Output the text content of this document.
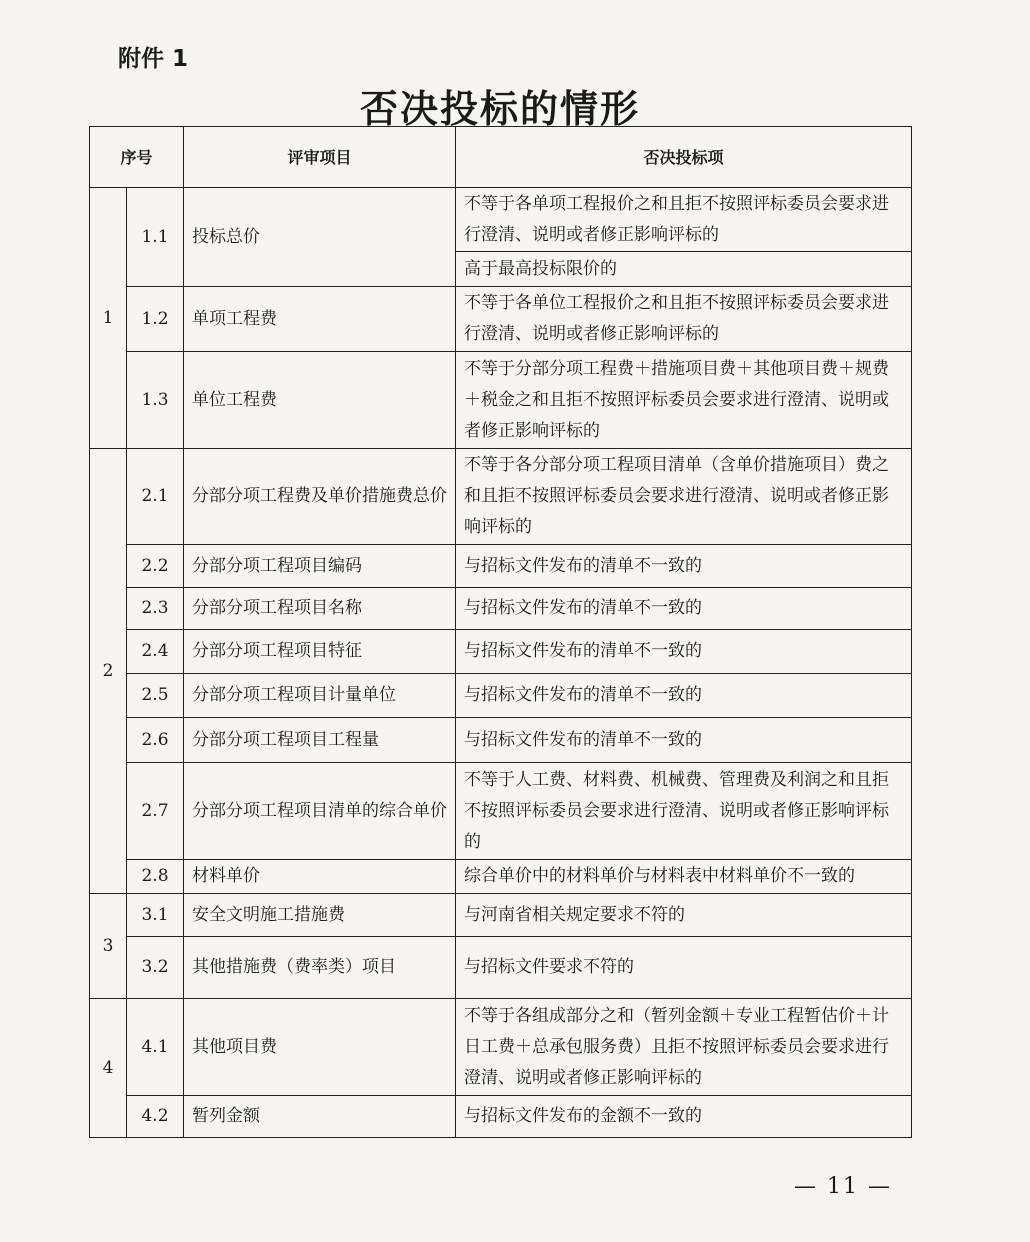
附件 1
否决投标的情形
序号		评审项目	否决投标项
1	1.1	投标总价	不等于各单项工程报价之和且拒不按照评标委员会要求进行澄清、说明或者修正影响评标的
			高于最高投标限价的
	1.2	单项工程费	不等于各单位工程报价之和且拒不按照评标委员会要求进行澄清、说明或者修正影响评标的
	1.3	单位工程费	不等于分部分项工程费＋措施项目费＋其他项目费＋规费＋税金之和且拒不按照评标委员会要求进行澄清、说明或者修正影响评标的
2	2.1	分部分项工程费及单价措施费总价	不等于各分部分项工程项目清单（含单价措施项目）费之和且拒不按照评标委员会要求进行澄清、说明或者修正影响评标的
	2.2	分部分项工程项目编码	与招标文件发布的清单不一致的
	2.3	分部分项工程项目名称	与招标文件发布的清单不一致的
	2.4	分部分项工程项目特征	与招标文件发布的清单不一致的
	2.5	分部分项工程项目计量单位	与招标文件发布的清单不一致的
	2.6	分部分项工程项目工程量	与招标文件发布的清单不一致的
	2.7	分部分项工程项目清单的综合单价	不等于人工费、材料费、机械费、管理费及利润之和且拒不按照评标委员会要求进行澄清、说明或者修正影响评标的
	2.8	材料单价	综合单价中的材料单价与材料表中材料单价不一致的
3	3.1	安全文明施工措施费	与河南省相关规定要求不符的
	3.2	其他措施费（费率类）项目	与招标文件要求不符的
4	4.1	其他项目费	不等于各组成部分之和（暂列金额＋专业工程暂估价＋计日工费＋总承包服务费）且拒不按照评标委员会要求进行澄清、说明或者修正影响评标的
	4.2	暂列金额	与招标文件发布的金额不一致的
— 11 —
